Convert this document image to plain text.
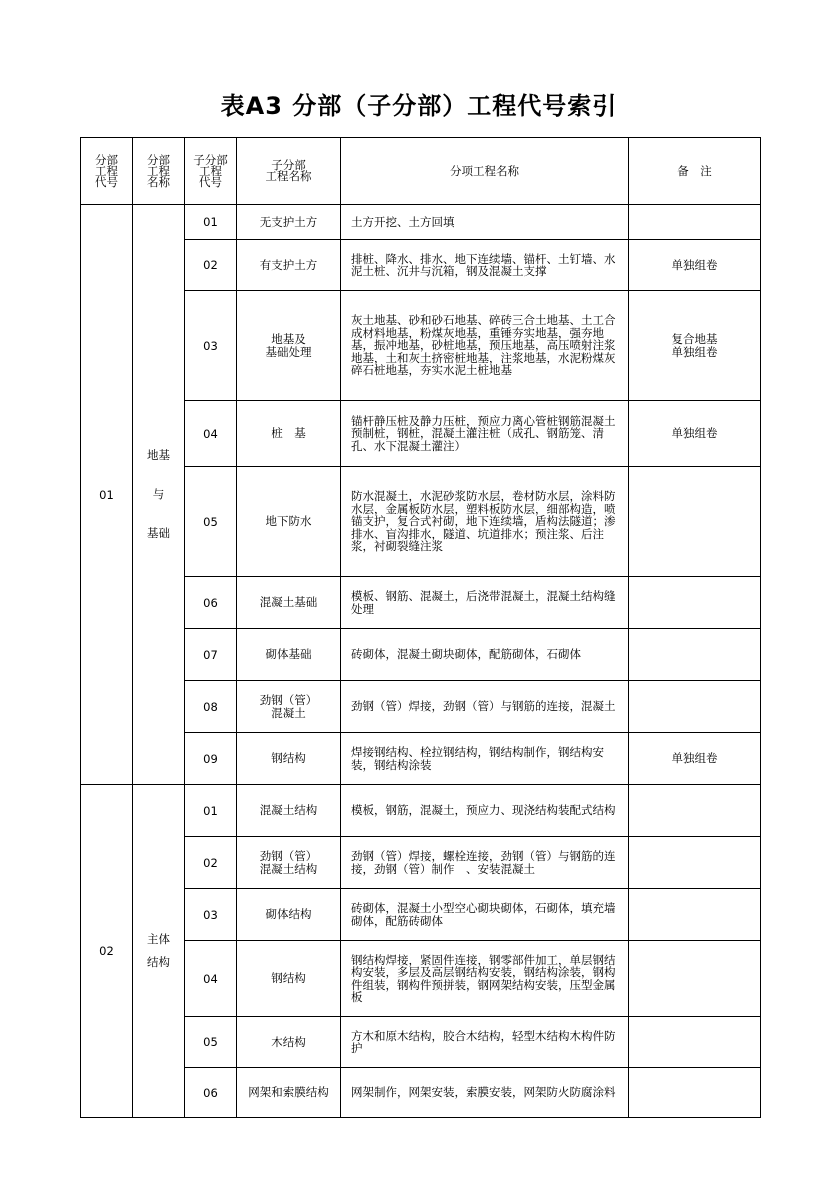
表A3 分部（子分部）工程代号索引
分部
工程
代号	分部
工程
名称	子分部
工程
代号	子分部
工程名称	分项工程名称	备　注
01	地基
与
基础	01	无支护土方	土方开挖、土方回填	
		02	有支护土方	排桩、降水、排水、地下连续墙、锚杆、土钉墙、水泥土桩、沉井与沉箱，钢及混凝土支撑	单独组卷

		03	地基及
基础处理	灰土地基、砂和砂石地基、碎砖三合土地基、土工合成材料地基，粉煤灰地基，重锤夯实地基，强夯地基，振冲地基，砂桩地基，预压地基，高压喷射注浆地基，土和灰土挤密桩地基，注浆地基，水泥粉煤灰碎石桩地基，夯实水泥土桩地基	复合地基
单独组卷

		04	桩　基	锚杆静压桩及静力压桩，预应力离心管桩钢筋混凝土预制桩，钢桩，混凝土灌注桩（成孔、钢筋笼、清孔、水下混凝土灌注）	单独组卷

		05	地下防水	防水混凝土，水泥砂浆防水层，卷材防水层，涂料防水层，金属板防水层，塑料板防水层，细部构造，喷锚支护，复合式衬砌，地下连续墙，盾构法隧道；渗排水、盲沟排水，隧道、坑道排水；预注浆、后注浆，衬砌裂缝注浆	
		06	混凝土基础	模板、钢筋、混凝土，后浇带混凝土，混凝土结构缝处理	
		07	砌体基础	砖砌体，混凝土砌块砌体，配筋砌体，石砌体	
		08	劲钢（管）
混凝土	劲钢（管）焊接，劲钢（管）与钢筋的连接，混凝土	
		09	钢结构	焊接钢结构、栓拉钢结构，钢结构制作，钢结构安装，钢结构涂装	单独组卷

02	主体
结构	01	混凝土结构	模板，钢筋，混凝土，预应力、现浇结构装配式结构	
		02	劲钢（管）
混凝土结构	劲钢（管）焊接，螺栓连接，劲钢（管）与钢筋的连接，劲钢（管）制作　、安装混凝土	
		03	砌体结构	砖砌体，混凝土小型空心砌块砌体，石砌体，填充墙砌体，配筋砖砌体	
		04	钢结构	钢结构焊接，紧固件连接，钢零部件加工，单层钢结构安装，多层及高层钢结构安装，钢结构涂装，钢构件组装，钢构件预拼装，钢网架结构安装，压型金属板	
		05	木结构	方木和原木结构，胶合木结构，轻型木结构木构件防护	
		06	网架和索膜结构	网架制作，网架安装，索膜安装，网架防火防腐涂料	
